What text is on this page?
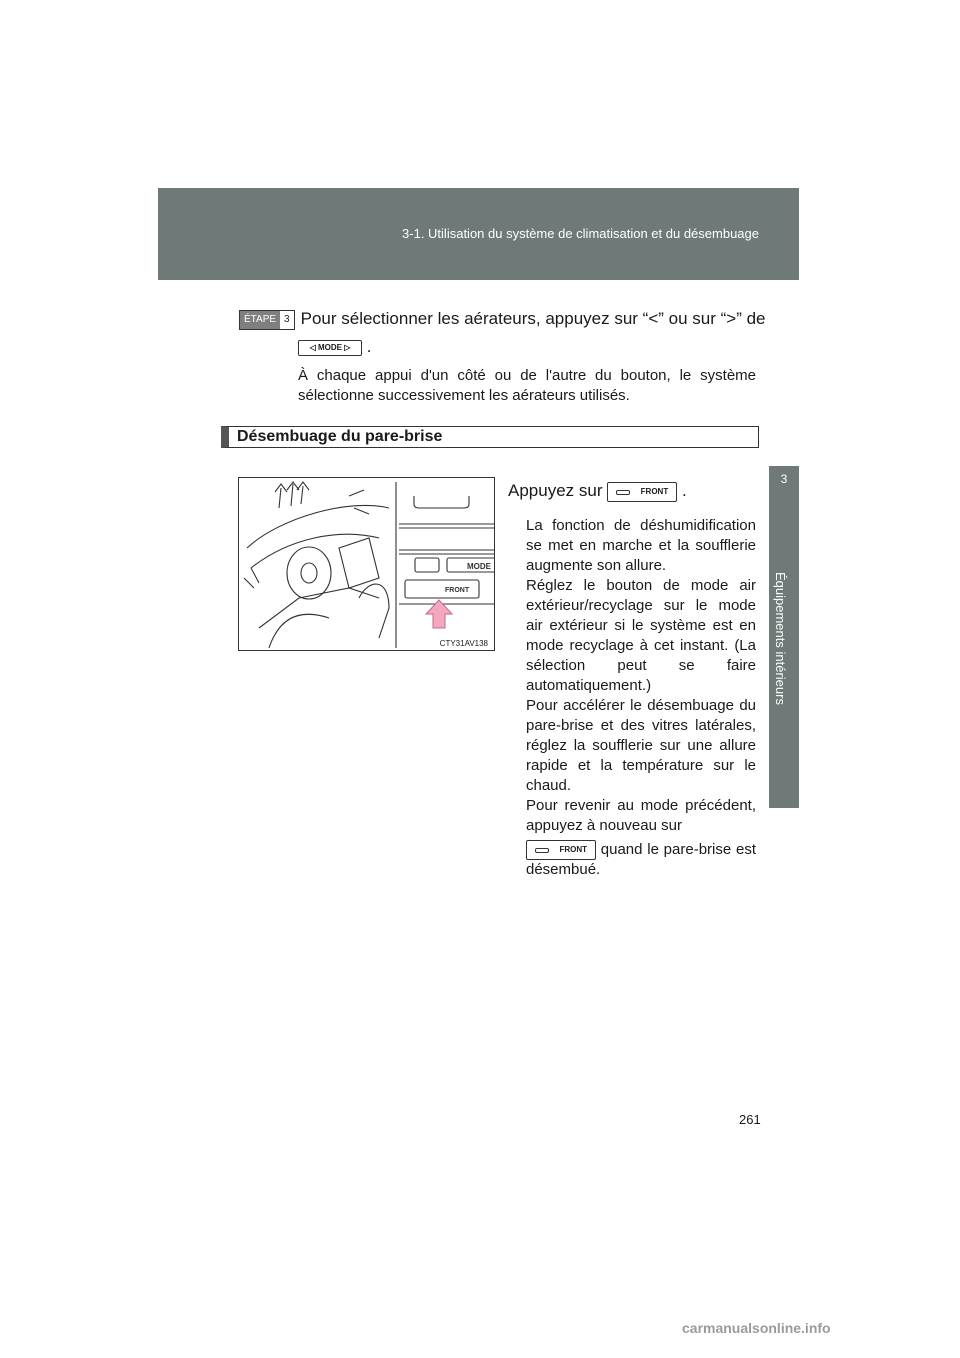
3-1. Utilisation du système de climatisation et du désembuage
3
Équipements intérieurs
ÉTAPE 3 Pour sélectionner les aérateurs, appuyez sur “<” ou sur “>” de
◁ MODE ▷ .
À chaque appui d'un côté ou de l'autre du bouton, le système sélectionne successivement les aérateurs utilisés.
Désembuage du pare-brise
MODE
FRONT
CTY31AV138
Appuyez sur	FRONT .

La fonction de déshumidification se met en marche et la soufflerie augmente son allure.

Réglez le bouton de mode air extérieur/recyclage sur le mode air extérieur si le système est en mode recyclage à cet instant. (La sélection peut se faire automatiquement.)

Pour accélérer le désembuage du pare-brise et des vitres latérales, réglez la soufflerie sur une allure rapide et la température sur le chaud.

Pour revenir au mode précédent, appuyez à nouveau sur

FRONT quand le pare-brise est désembué.

261
carmanualsonline.info
